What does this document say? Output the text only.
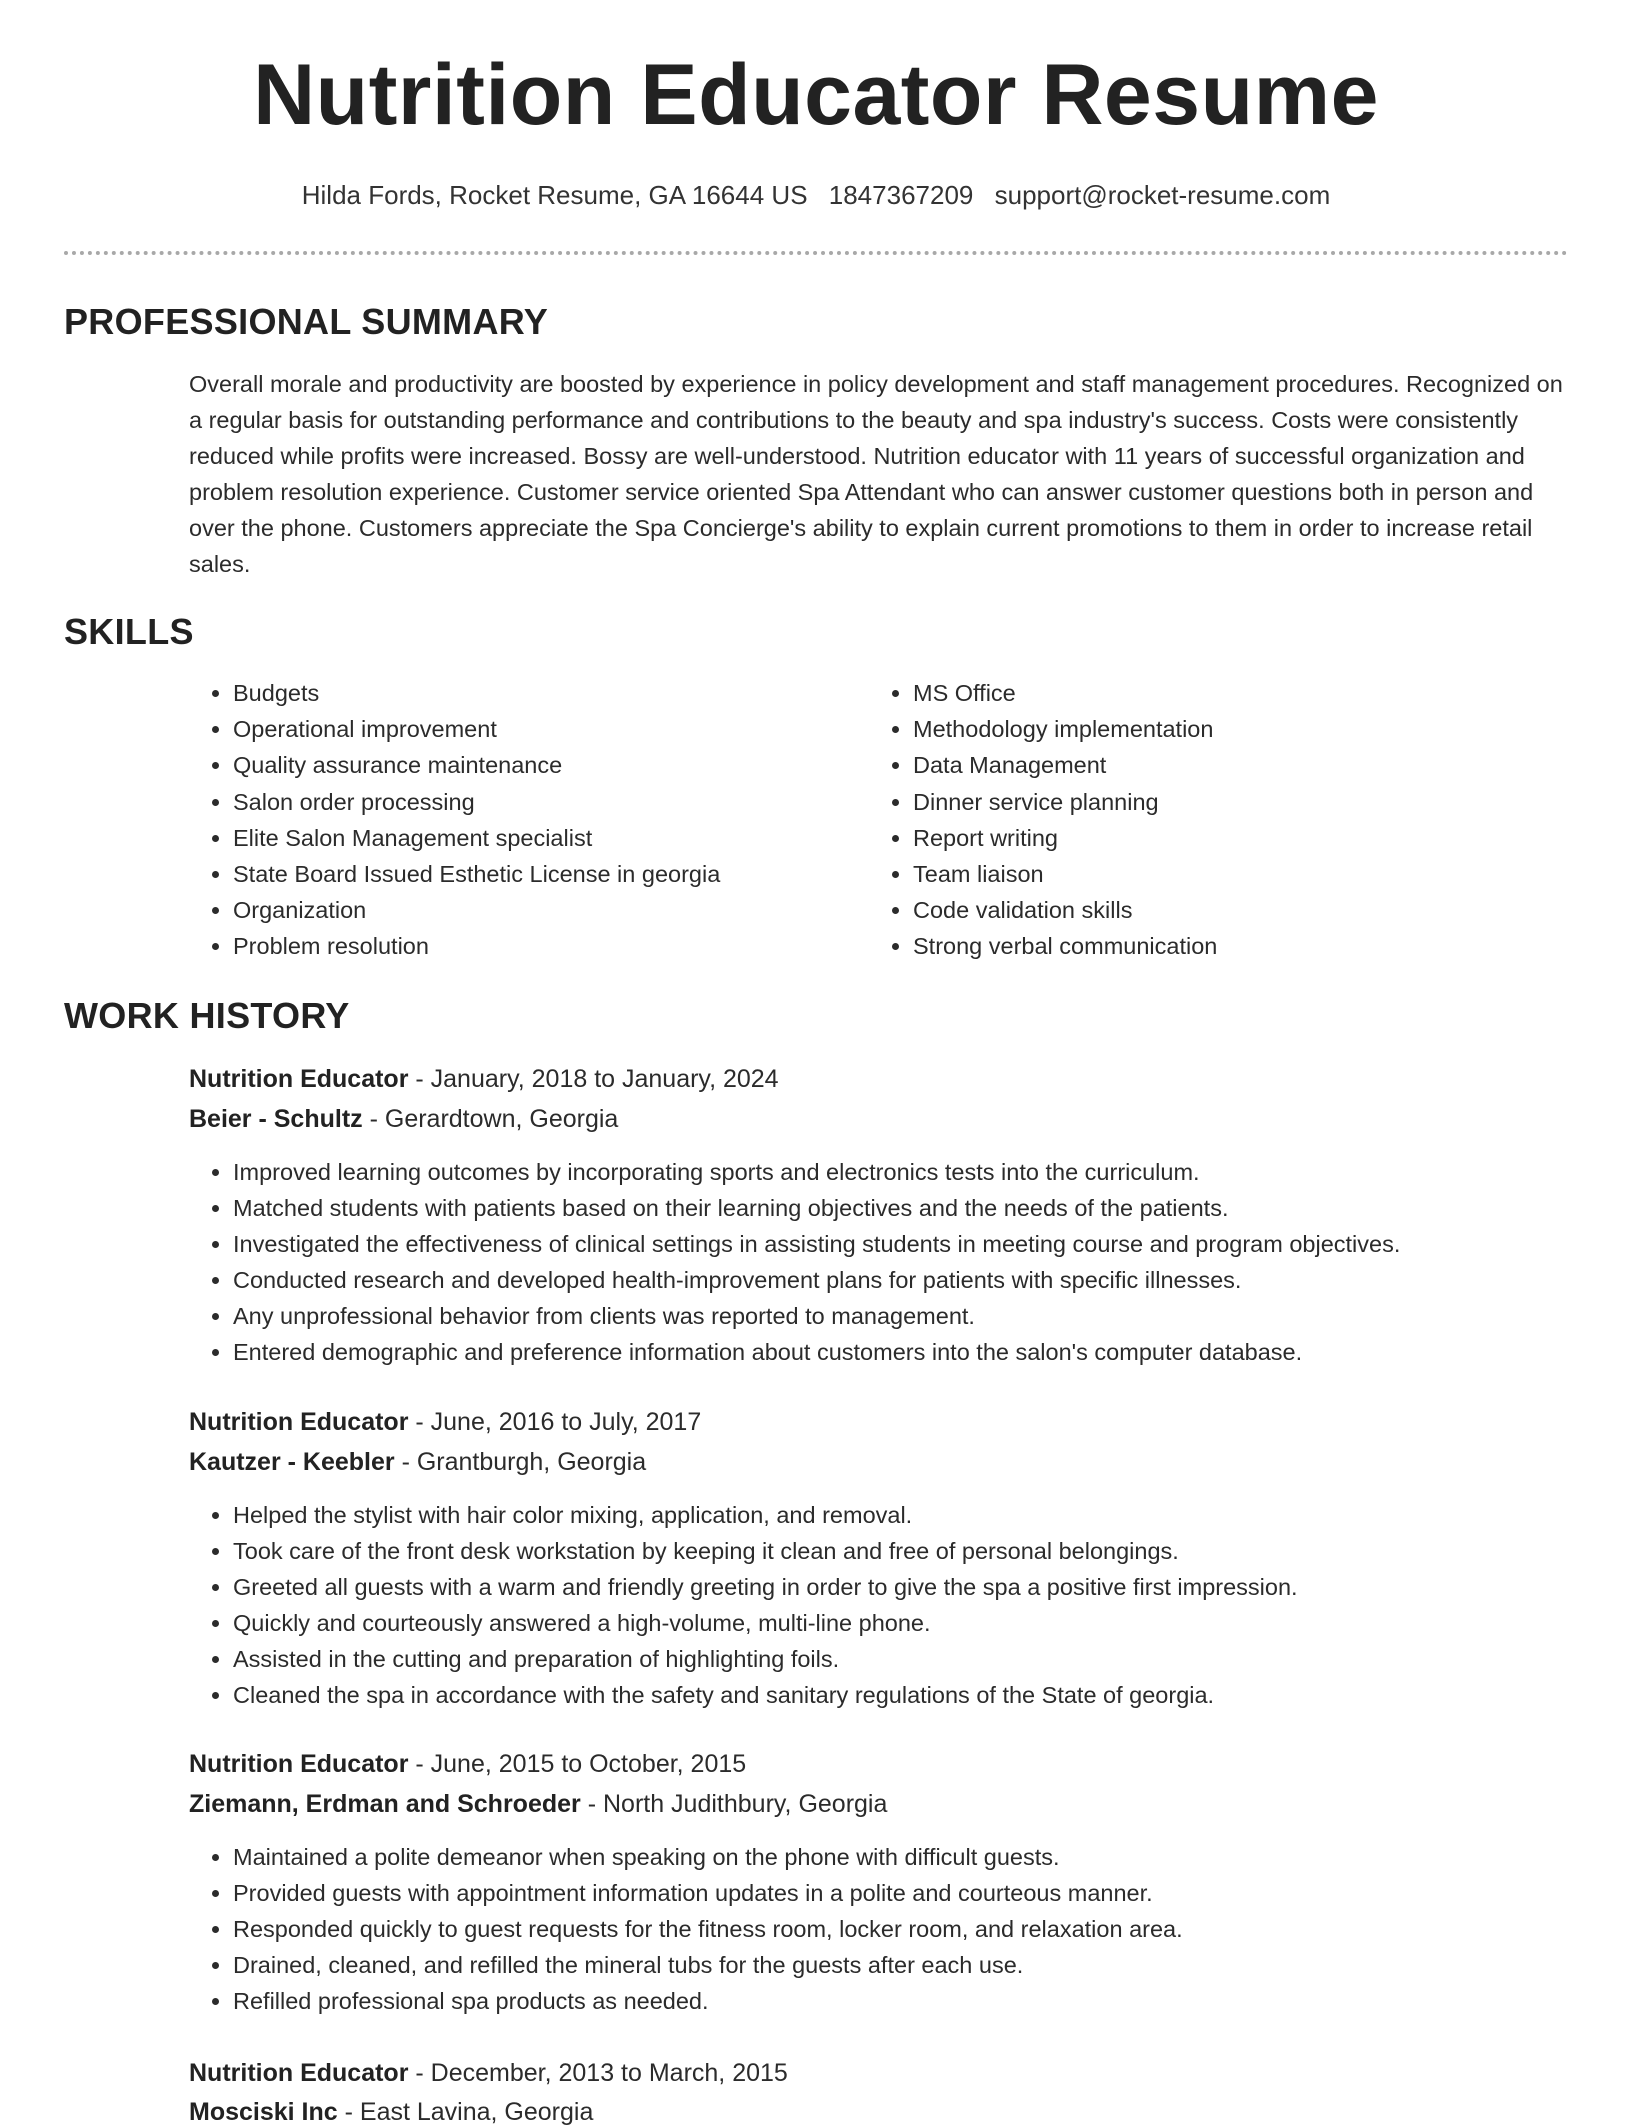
Nutrition Educator Resume
Hilda Fords, Rocket Resume, GA 16644 US 1847367209 support@rocket-resume.com
PROFESSIONAL SUMMARY

Overall morale and productivity are boosted by experience in policy development and staff management procedures. Recognized on a regular basis for outstanding performance and contributions to the beauty and spa industry's success. Costs were consistently reduced while profits were increased. Bossy are well-understood. Nutrition educator with 11 years of successful organization and problem resolution experience. Customer service oriented Spa Attendant who can answer customer questions both in person and over the phone. Customers appreciate the Spa Concierge's ability to explain current promotions to them in order to increase retail sales.

SKILLS
• Budgets
• Operational improvement
• Quality assurance maintenance
• Salon order processing
• Elite Salon Management specialist
• State Board Issued Esthetic License in georgia
• Organization
• Problem resolution
• MS Office
• Methodology implementation
• Data Management
• Dinner service planning
• Report writing
• Team liaison
• Code validation skills
• Strong verbal communication
WORK HISTORY
Nutrition Educator - January, 2018 to January, 2024
Beier - Schultz - Gerardtown, Georgia
• Improved learning outcomes by incorporating sports and electronics tests into the curriculum.
• Matched students with patients based on their learning objectives and the needs of the patients.
• Investigated the effectiveness of clinical settings in assisting students in meeting course and program objectives.
• Conducted research and developed health-improvement plans for patients with specific illnesses.
• Any unprofessional behavior from clients was reported to management.
• Entered demographic and preference information about customers into the salon's computer database.
Nutrition Educator - June, 2016 to July, 2017
Kautzer - Keebler - Grantburgh, Georgia
• Helped the stylist with hair color mixing, application, and removal.
• Took care of the front desk workstation by keeping it clean and free of personal belongings.
• Greeted all guests with a warm and friendly greeting in order to give the spa a positive first impression.
• Quickly and courteously answered a high-volume, multi-line phone.
• Assisted in the cutting and preparation of highlighting foils.
• Cleaned the spa in accordance with the safety and sanitary regulations of the State of georgia.
Nutrition Educator - June, 2015 to October, 2015
Ziemann, Erdman and Schroeder - North Judithbury, Georgia
• Maintained a polite demeanor when speaking on the phone with difficult guests.
• Provided guests with appointment information updates in a polite and courteous manner.
• Responded quickly to guest requests for the fitness room, locker room, and relaxation area.
• Drained, cleaned, and refilled the mineral tubs for the guests after each use.
• Refilled professional spa products as needed.
Nutrition Educator - December, 2013 to March, 2015
Mosciski Inc - East Lavina, Georgia
